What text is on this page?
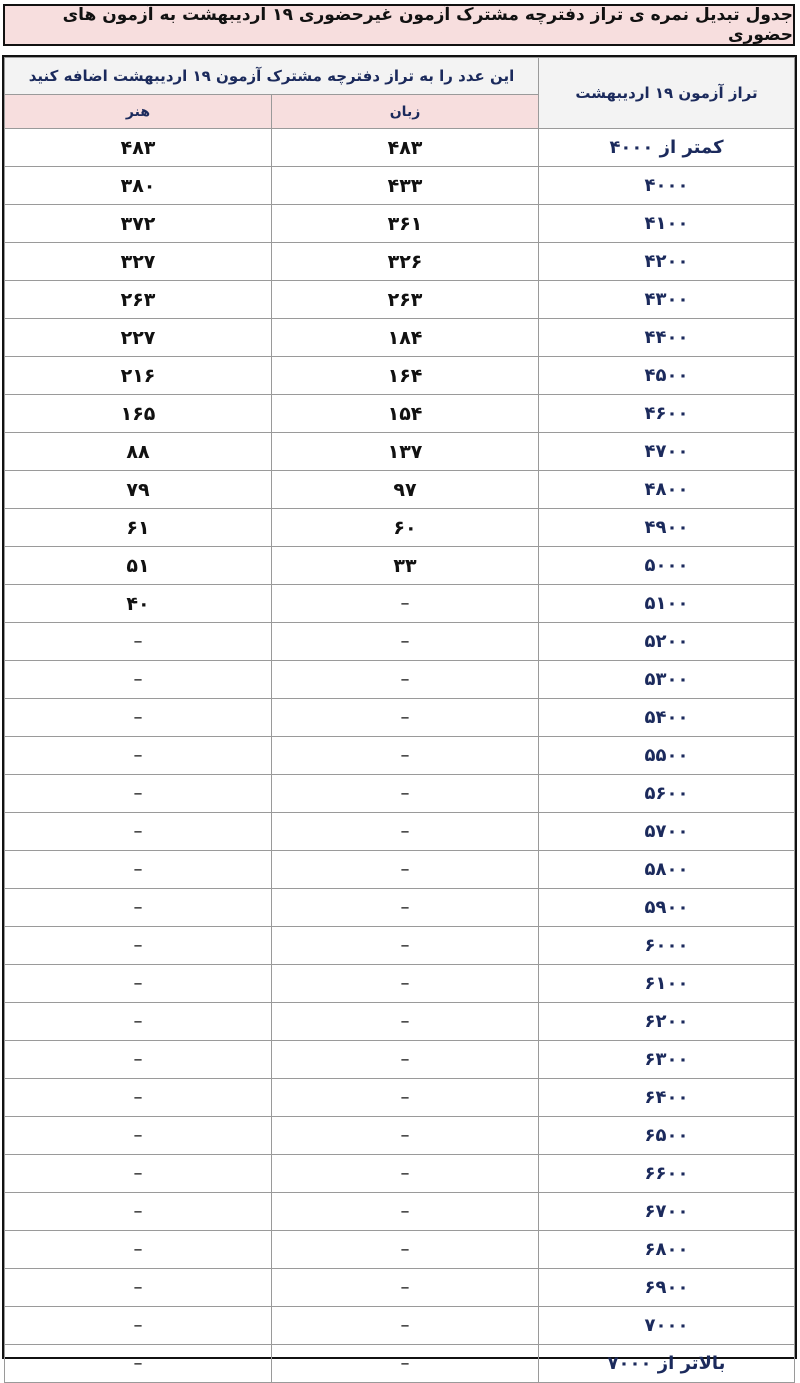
جدول تبدیل نمره ی تراز دفترچه مشترک آزمون غیرحضوری ۱۹ اردیبهشت به آزمون های حضوری
تراز آزمون ۱۹ اردیبهشت	این عدد را به تراز دفترچه مشترک آزمون ۱۹ اردیبهشت اضافه کنید	
	زبان	هنر
کمتر از ۴۰۰۰	۴۸۳	۴۸۳
۴۰۰۰	۴۳۳	۳۸۰
۴۱۰۰	۳۶۱	۳۷۲
۴۲۰۰	۳۲۶	۳۲۷
۴۳۰۰	۲۶۳	۲۶۳
۴۴۰۰	۱۸۴	۲۲۷
۴۵۰۰	۱۶۴	۲۱۶
۴۶۰۰	۱۵۴	۱۶۵
۴۷۰۰	۱۳۷	۸۸
۴۸۰۰	۹۷	۷۹
۴۹۰۰	۶۰	۶۱
۵۰۰۰	۳۳	۵۱
۵۱۰۰	–	۴۰
۵۲۰۰	–	–
۵۳۰۰	–	–
۵۴۰۰	–	–
۵۵۰۰	–	–
۵۶۰۰	–	–
۵۷۰۰	–	–
۵۸۰۰	–	–
۵۹۰۰	–	–
۶۰۰۰	–	–
۶۱۰۰	–	–
۶۲۰۰	–	–
۶۳۰۰	–	–
۶۴۰۰	–	–
۶۵۰۰	–	–
۶۶۰۰	–	–
۶۷۰۰	–	–
۶۸۰۰	–	–
۶۹۰۰	–	–
۷۰۰۰	–	–
بالاتر از ۷۰۰۰	–	–
